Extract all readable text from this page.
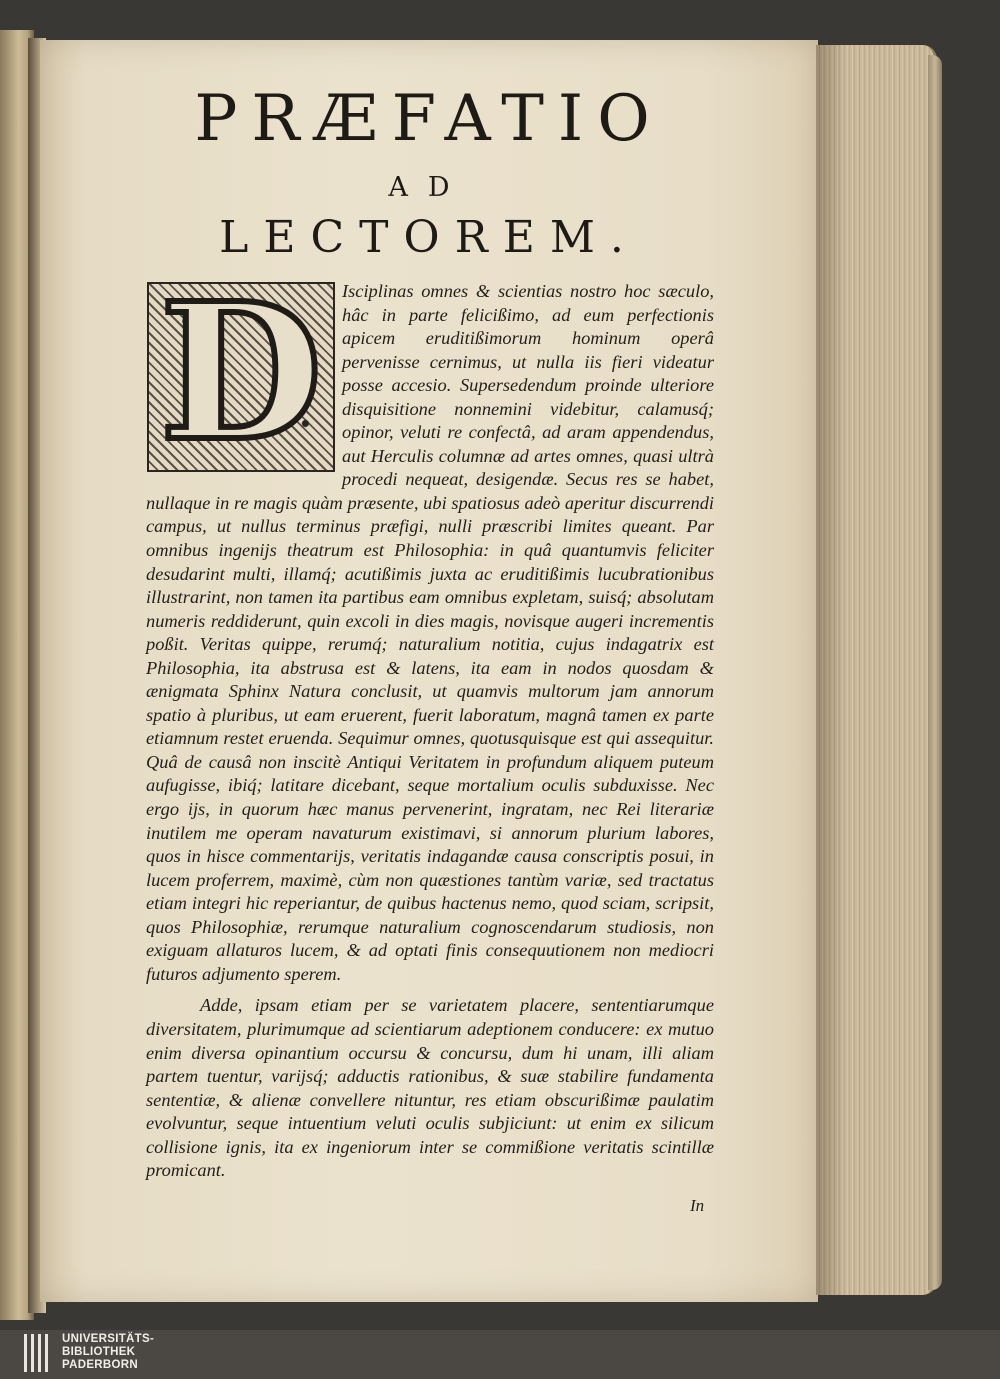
PRÆFATIO
AD
LECTOREM.

Isciplinas omnes & scientias nostro hoc sæculo, hâc in parte felicißimo, ad eum perfectionis apicem eruditißimorum hominum operâ pervenisse cernimus, ut nulla iis fieri videatur posse accesio. Supersedendum proinde ulteriore disquisitione nonnemini videbitur, calamusq́; opinor, veluti re confectâ, ad aram appendendus, aut Herculis columnæ ad artes omnes, quasi ultrà procedi nequeat, desigendæ. Secus res se habet, nullaque in re magis quàm præsente, ubi spatiosus adeò aperitur discurrendi campus, ut nullus terminus præfigi, nulli præscribi limites queant. Par omnibus ingenijs theatrum est Philosophia: in quâ quantumvis feliciter desudarint multi, illamq́; acutißimis juxta ac eruditißimis lucubrationibus illustrarint, non tamen ita partibus eam omnibus expletam, suisq́; absolutam numeris reddiderunt, quin excoli in dies magis, novisque augeri incrementis poßit. Veritas quippe, rerumq́; naturalium notitia, cujus indagatrix est Philosophia, ita abstrusa est & latens, ita eam in nodos quosdam & ænigmata Sphinx Natura conclusit, ut quamvis multorum jam annorum spatio à pluribus, ut eam eruerent, fuerit laboratum, magnâ tamen ex parte etiamnum restet eruenda. Sequimur omnes, quotusquisque est qui assequitur. Quâ de causâ non inscitè Antiqui Veritatem in profundum aliquem puteum aufugisse, ibiq́; latitare dicebant, seque mortalium oculis subduxisse. Nec ergo ijs, in quorum hæc manus pervenerint, ingratam, nec Rei literariæ inutilem me operam navaturum existimavi, si annorum plurium labores, quos in hisce commentarijs, veritatis indagandæ causa conscriptis posui, in lucem proferrem, maximè, cùm non quæstiones tantùm variæ, sed tractatus etiam integri hic reperiantur, de quibus hactenus nemo, quod sciam, scripsit, quos Philosophiæ, rerumque naturalium cognoscendarum studiosis, non exiguam allaturos lucem, & ad optati finis consequutionem non mediocri futuros adjumento sperem.

Adde, ipsam etiam per se varietatem placere, sententiarumque diversitatem, plurimumque ad scientiarum adeptionem conducere: ex mutuo enim diversa opinantium occursu & concursu, dum hi unam, illi aliam partem tuentur, varijsq́; adductis rationibus, & suæ stabilire fundamenta sententiæ, & alienæ convellere nituntur, res etiam obscurißimæ paulatim evolvuntur, seque intuentium veluti oculis subjiciunt: ut enim ex silicum collisione ignis, ita ex ingeniorum inter se commißione veritatis scintillæ promicant.

D
In
UNIVERSITÄTS-
BIBLIOTHEK
PADERBORN
